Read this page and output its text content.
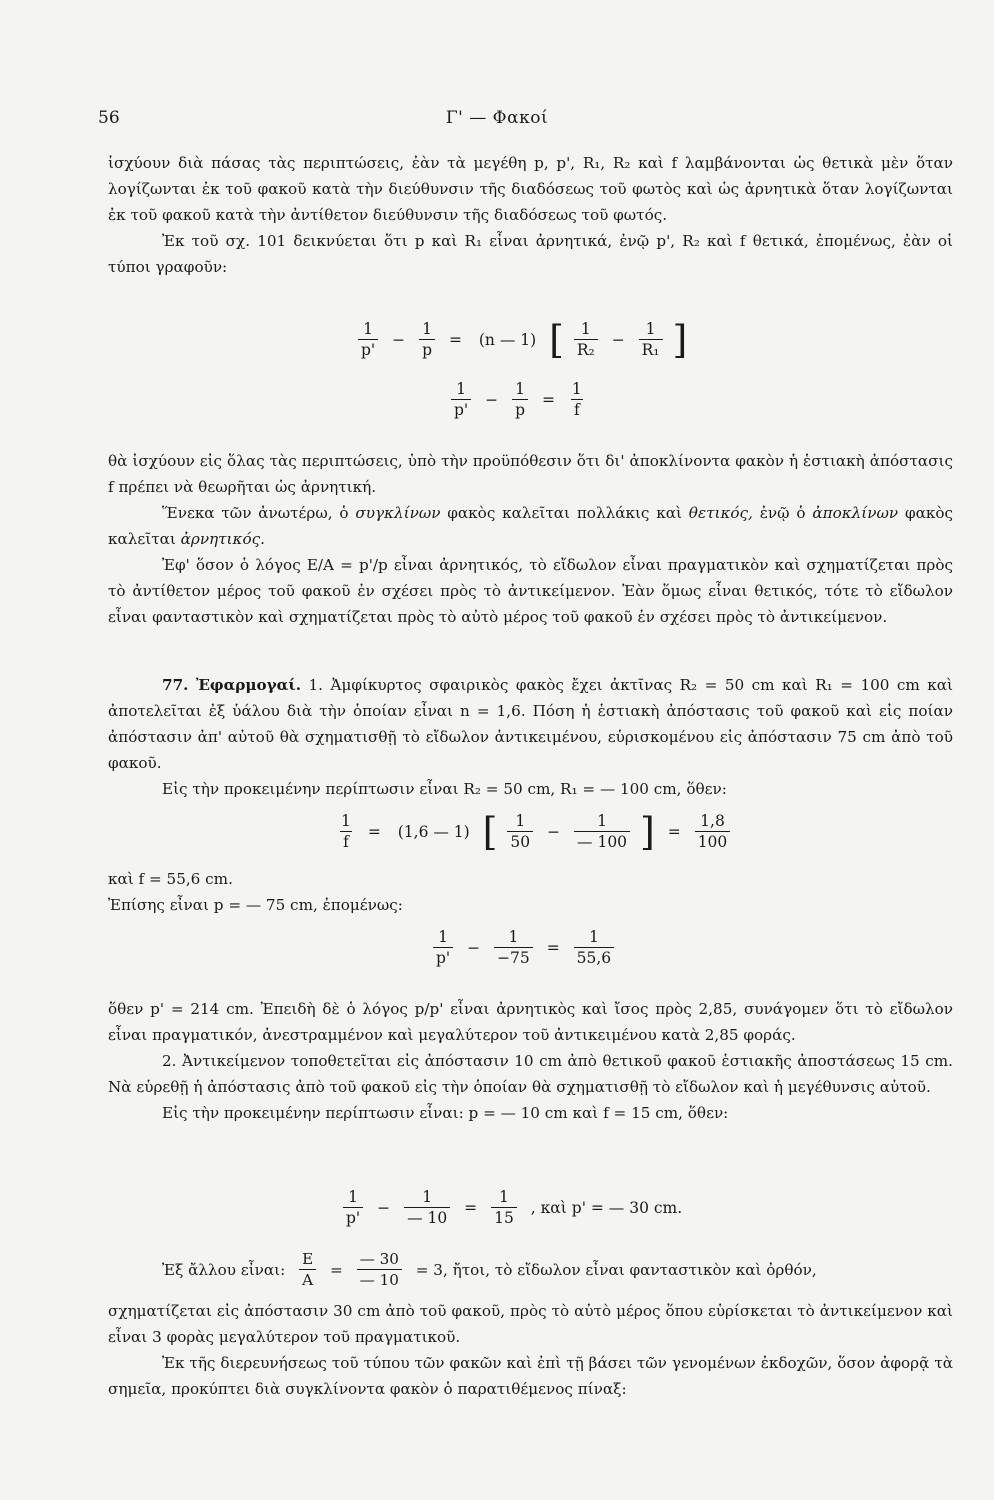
56	Γ' — Φακοί

ἰσχύουν διὰ πάσας τὰς περιπτώσεις, ἐὰν τὰ μεγέθη p, p', R₁, R₂ καὶ f λαμβάνονται ὡς θετικὰ μὲν ὅταν λογίζωνται ἐκ τοῦ φακοῦ κατὰ τὴν διεύθυνσιν τῆς διαδόσεως τοῦ φωτὸς καὶ ὡς ἀρνητικὰ ὅταν λογίζωνται ἐκ τοῦ φακοῦ κατὰ τὴν ἀντίθετον διεύθυνσιν τῆς διαδόσεως τοῦ φωτός.

Ἐκ τοῦ σχ. 101 δεικνύεται ὅτι p καὶ R₁ εἶναι ἀρνητικά, ἐνῷ p', R₂ καὶ f θετικά, ἐπομένως, ἐὰν οἱ τύποι γραφοῦν:

$\frac{1}{p'} - \frac{1}{p} = (n$ — 1) [ $\frac{1}{\text{R₂}} - \frac{1}{\text{R₁}}$ ]
$\frac{1}{p'} - \frac{1}{p} = \frac{1}{f}$

θὰ ἰσχύουν εἰς ὅλας τὰς περιπτώσεις, ὑπὸ τὴν προϋπόθεσιν ὅτι δι' ἀποκλίνοντα φακὸν ἡ ἑστιακὴ ἀπόστασις f πρέπει νὰ θεωρῆται ὡς ἀρνητική.

Ἕνεκα τῶν ἀνωτέρω, ὁ συγκλίνων φακὸς καλεῖται πολλάκις καὶ θετικός, ἐνῷ ὁ ἀποκλίνων φακὸς καλεῖται ἀρνητικός.

Ἐφ' ὅσον ὁ λόγος E/A = p'/p εἶναι ἀρνητικός, τὸ εἴδωλον εἶναι πραγματικὸν καὶ σχηματίζεται πρὸς τὸ ἀντίθετον μέρος τοῦ φακοῦ ἐν σχέσει πρὸς τὸ ἀντικείμενον. Ἐὰν ὅμως εἶναι θετικός, τότε τὸ εἴδωλον εἶναι φανταστικὸν καὶ σχηματίζεται πρὸς τὸ αὐτὸ μέρος τοῦ φακοῦ ἐν σχέσει πρὸς τὸ ἀντικείμενον.

77. Ἐφαρμογαί. 1. Ἀμφίκυρτος σφαιρικὸς φακὸς ἔχει ἀκτῖνας R₂ = 50 cm καὶ R₁ = 100 cm καὶ ἀποτελεῖται ἐξ ὑάλου διὰ τὴν ὁποίαν εἶναι n = 1,6. Πόση ἡ ἑστιακὴ ἀπόστασις τοῦ φακοῦ καὶ εἰς ποίαν ἀπόστασιν ἀπ' αὐτοῦ θὰ σχηματισθῇ τὸ εἴδωλον ἀντικειμένου, εὑρισκομένου εἰς ἀπόστασιν 75 cm ἀπὸ τοῦ φακοῦ.

Εἰς τὴν προκειμένην περίπτωσιν εἶναι R₂ = 50 cm, R₁ = — 100 cm, ὅθεν:

$\frac{1}{f} = (1,6$ — 1) [ $\frac{1}{50} - \frac{1}{— 100}$ ] = $\frac{1,8}{100}$

καὶ f = 55,6 cm.

Ἐπίσης εἶναι p = — 75 cm, ἐπομένως:

$\frac{1}{p'} - \frac{1}{-75} = \frac{1}{55,6}$

ὅθεν p' = 214 cm. Ἐπειδὴ δὲ ὁ λόγος p/p' εἶναι ἀρνητικὸς καὶ ἴσος πρὸς 2,85, συνάγομεν ὅτι τὸ εἴδωλον εἶναι πραγματικόν, ἀνεστραμμένον καὶ μεγαλύτερον τοῦ ἀντικειμένου κατὰ 2,85 φοράς.

2. Ἀντικείμενον τοποθετεῖται εἰς ἀπόστασιν 10 cm ἀπὸ θετικοῦ φακοῦ ἑστιακῆς ἀποστάσεως 15 cm. Νὰ εὑρεθῇ ἡ ἀπόστασις ἀπὸ τοῦ φακοῦ εἰς τὴν ὁποίαν θὰ σχηματισθῇ τὸ εἴδωλον καὶ ἡ μεγέθυνσις αὐτοῦ.

Εἰς τὴν προκειμένην περίπτωσιν εἶναι: p = — 10 cm καὶ f = 15 cm, ὅθεν:

$\frac{1}{p'} - \frac{1}{— 10} = \frac{1}{15}$ , καὶ p' = — 30 cm.
Ἐξ ἄλλου εἶναι: $\frac{E}{A} = \frac{— 30}{— 10} = 3$, ἤτοι, τὸ εἴδωλον εἶναι φανταστικὸν καὶ ὀρθόν,

σχηματίζεται εἰς ἀπόστασιν 30 cm ἀπὸ τοῦ φακοῦ, πρὸς τὸ αὐτὸ μέρος ὅπου εὑρίσκεται τὸ ἀντικείμενον καὶ εἶναι 3 φορὰς μεγαλύτερον τοῦ πραγματικοῦ.

Ἐκ τῆς διερευνήσεως τοῦ τύπου τῶν φακῶν καὶ ἐπὶ τῇ βάσει τῶν γενομένων ἐκδοχῶν, ὅσον ἀφορᾷ τὰ σημεῖα, προκύπτει διὰ συγκλίνοντα φακὸν ὁ παρατιθέμενος πίναξ:
